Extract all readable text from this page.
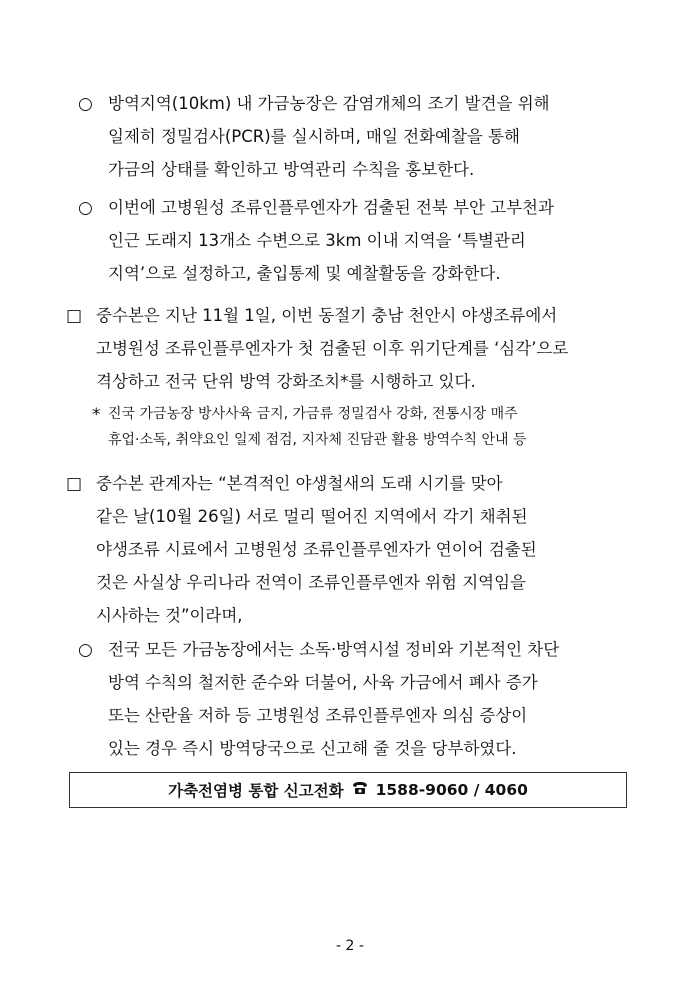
○ 방역지역(10km) 내 가금농장은 감염개체의 조기 발견을 위해
일제히 정밀검사(PCR)를 실시하며, 매일 전화예찰을 통해
가금의 상태를 확인하고 방역관리 수칙을 홍보한다.
○ 이번에 고병원성 조류인플루엔자가 검출된 전북 부안 고부천과
인근 도래지 13개소 수변으로 3km 이내 지역을 ‘특별관리
지역’으로 설정하고, 출입통제 및 예찰활동을 강화한다.
□ 중수본은 지난 11월 1일, 이번 동절기 충남 천안시 야생조류에서
고병원성 조류인플루엔자가 첫 검출된 이후 위기단계를 ‘심각’으로
격상하고 전국 단위 방역 강화조치*를 시행하고 있다.
* 진국 가금농장 방사사육 금지, 가금류 정밀검사 강화, 전통시장 매주
휴업·소독, 취약요인 일제 점검, 지자체 진담관 활용 방역수칙 안내 등
□ 중수본 관계자는 “본격적인 야생철새의 도래 시기를 맞아
같은 날(10월 26일) 서로 멀리 떨어진 지역에서 각기 채취된
야생조류 시료에서 고병원성 조류인플루엔자가 연이어 검출된
것은 사실상 우리나라 전역이 조류인플루엔자 위험 지역임을
시사하는 것”이라며,
○ 전국 모든 가금농장에서는 소독·방역시설 정비와 기본적인 차단
방역 수칙의 철저한 준수와 더불어, 사육 가금에서 폐사 증가
또는 산란율 저하 등 고병원성 조류인플루엔자 의심 증상이
있는 경우 즉시 방역당국으로 신고해 줄 것을 당부하였다.
가축전염병 통합 신고전화 1588-9060 / 4060
- 2 -
